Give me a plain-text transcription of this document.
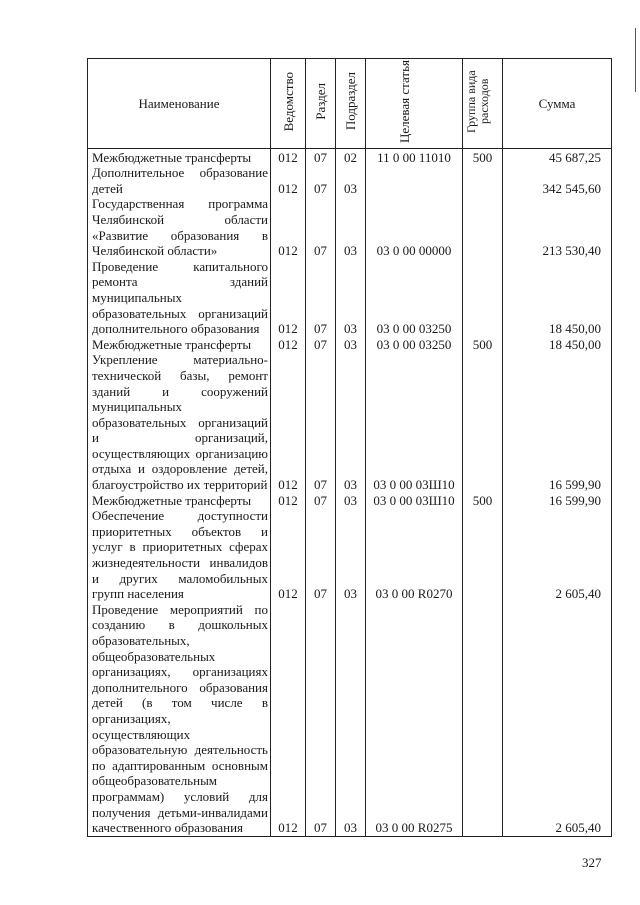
Наименование	Ведомство	Раздел	Подраздел	Целевая статья	Группа вида расходов	Сумма
Межбюджетные трансферты	012	07	02	11 0 00 11010	500	45 687,25
Дополнительное образование детей	012	07	03			342 545,60
Государственная программа Челябинской области «Развитие образования в Челябинской области»	012	07	03	03 0 00 00000		213 530,40
Проведение капитального ремонта зданий муниципальных образовательных организаций дополнительного образования	012	07	03	03 0 00 03250		18 450,00
Межбюджетные трансферты	012	07	03	03 0 00 03250	500	18 450,00
Укрепление материально-технической базы, ремонт зданий и сооружений муниципальных образовательных организаций и организаций, осуществляющих организацию отдыха и оздоровление детей, благоустройство их территорий	012	07	03	03 0 00 03Ш10		16 599,90
Межбюджетные трансферты	012	07	03	03 0 00 03Ш10	500	16 599,90
Обеспечение доступности приоритетных объектов и услуг в приоритетных сферах жизнедеятельности инвалидов и других маломобильных групп населения	012	07	03	03 0 00 R0270		2 605,40
Проведение мероприятий по созданию в дошкольных образовательных, общеобразовательных организациях, организациях дополнительного образования детей (в том числе в организациях, осуществляющих образовательную деятельность по адаптированным основным общеобразовательным программам) условий для получения детьми-инвалидами качественного образования	012	07	03	03 0 00 R0275		2 605,40
327
